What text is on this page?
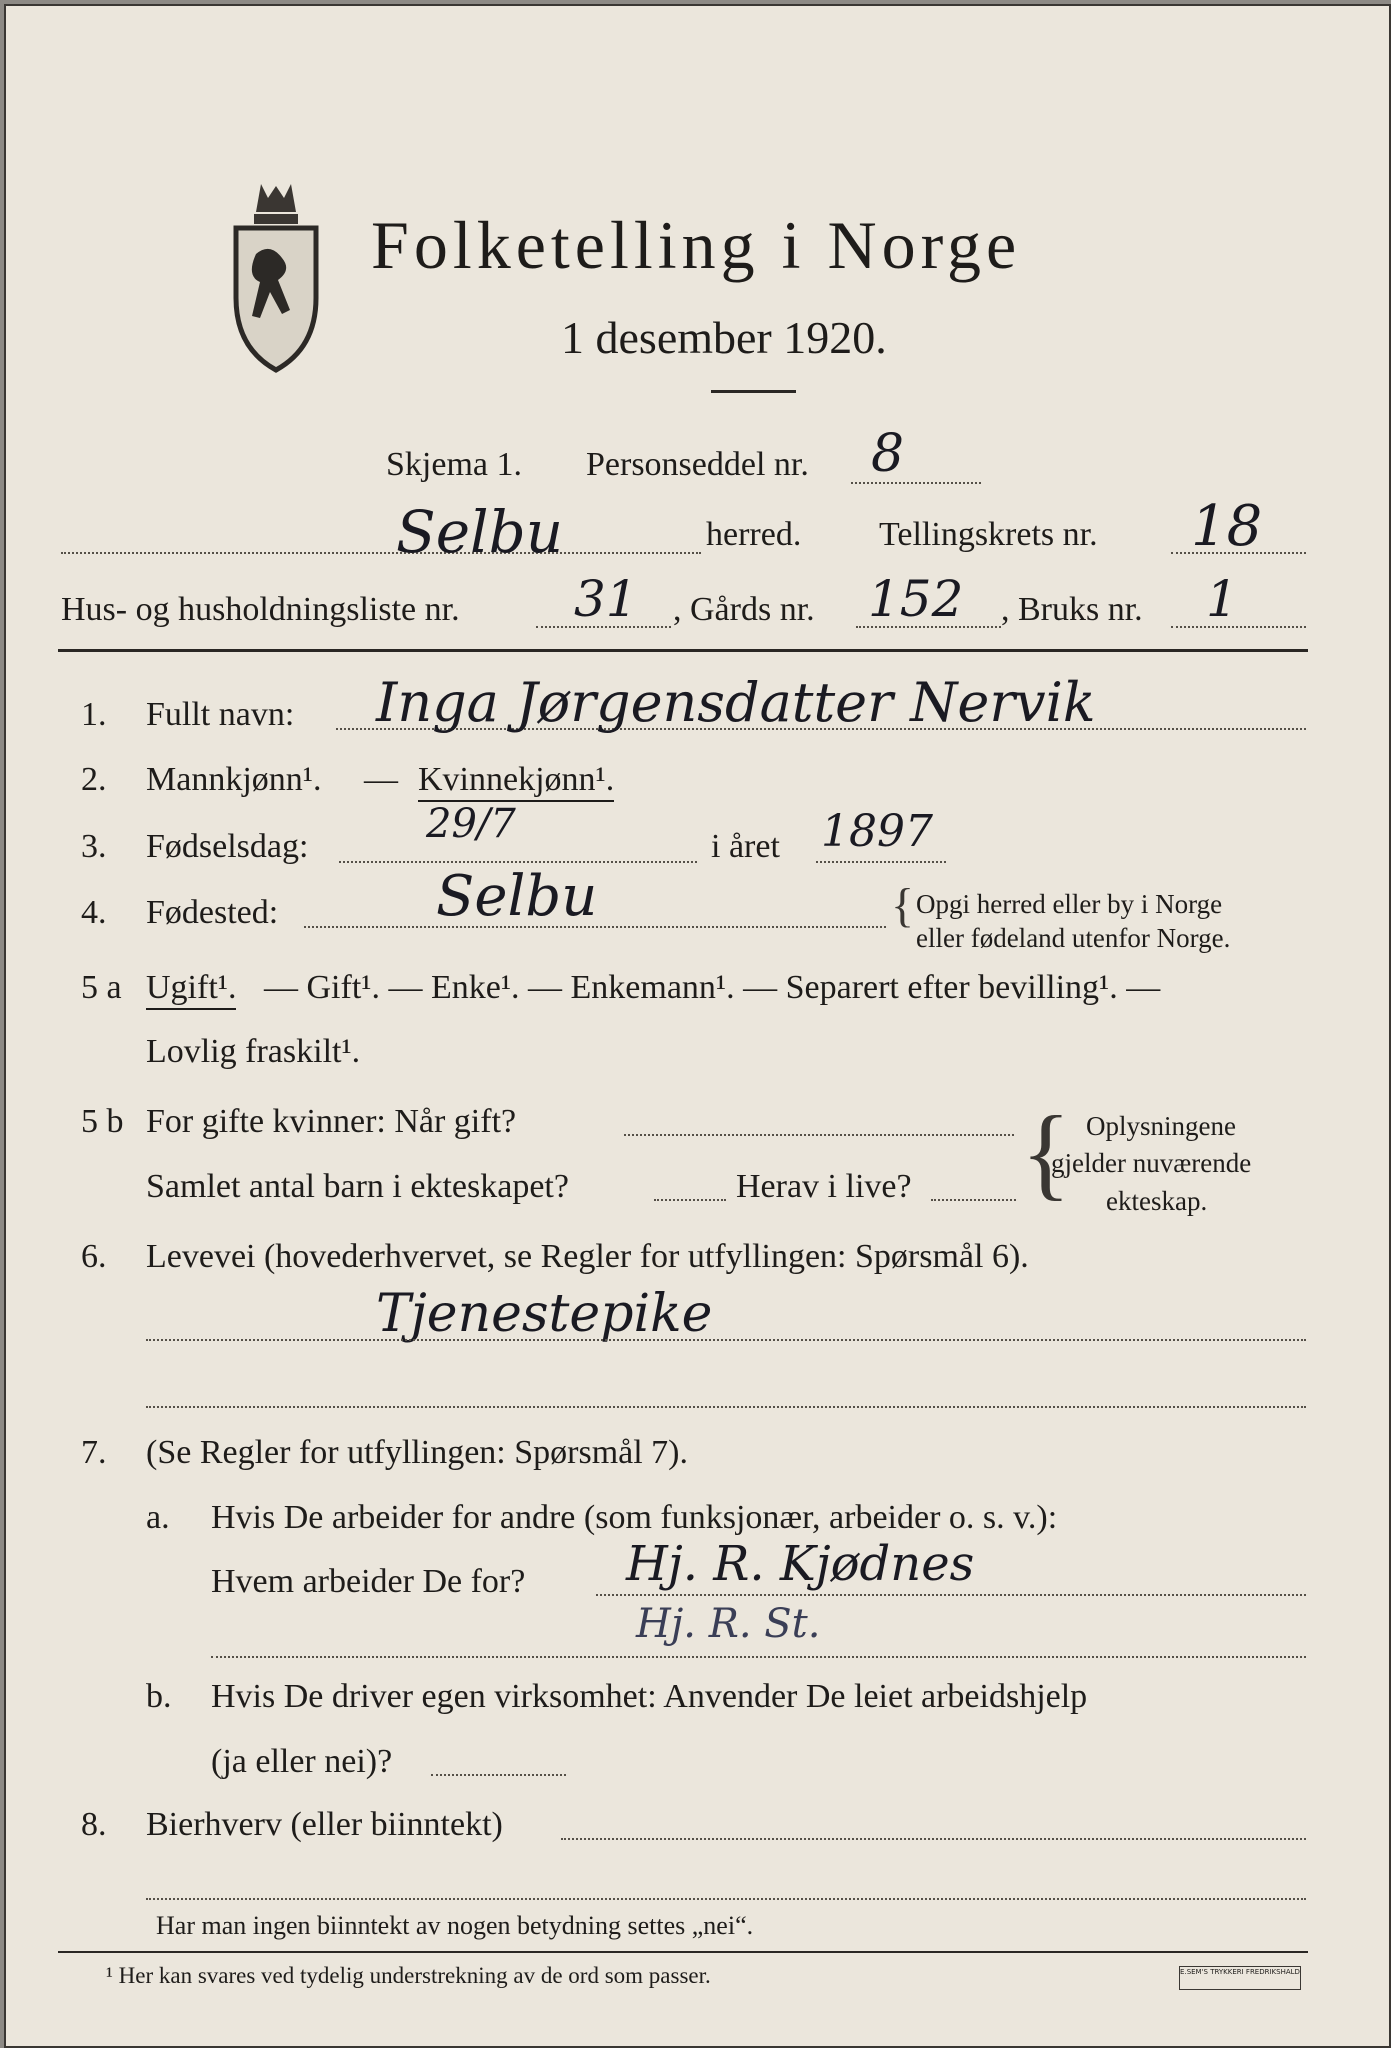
Folketelling i Norge
1 desember 1920.
Skjema 1. Personseddel nr. 8
Selbu	herred. Tellingskrets nr. 18
Hus- og husholdningsliste nr. 31 , Gårds nr. 152 , Bruks nr. 1
1. Fullt navn: Inga Jørgensdatter Nervik
2. Mannkjønn¹. — Kvinnekjønn¹.
3. Fødselsdag:	29/7	i året 1897
4. Fødested:	Selbu	{ Opgi herred eller by i Norge
eller fødeland utenfor Norge.
5 a Ugift¹. — Gift¹. — Enke¹. — Enkemann¹. — Separert efter bevilling¹. —
Lovlig fraskilt¹.
5 b For gifte kvinner: Når gift?
Samlet antal barn i ekteskapet?	Herav i live? { Oplysningene
gjelder nuværende
ekteskap.
6. Levevei (hovederhvervet, se Regler for utfyllingen: Spørsmål 6).
Tjenestepike
7. (Se Regler for utfyllingen: Spørsmål 7).
a. Hvis De arbeider for andre (som funksjonær, arbeider o. s. v.):
Hvem arbeider De for? Hj. R. Kjødnes
Hj. R. St.
b. Hvis De driver egen virksomhet: Anvender De leiet arbeidshjelp
(ja eller nei)?
8. Bierhverv (eller biinntekt)
Har man ingen biinntekt av nogen betydning settes „nei“.
¹ Her kan svares ved tydelig understrekning av de ord som passer.	E.SEM'S TRYKKERI FREDRIKSHALD
